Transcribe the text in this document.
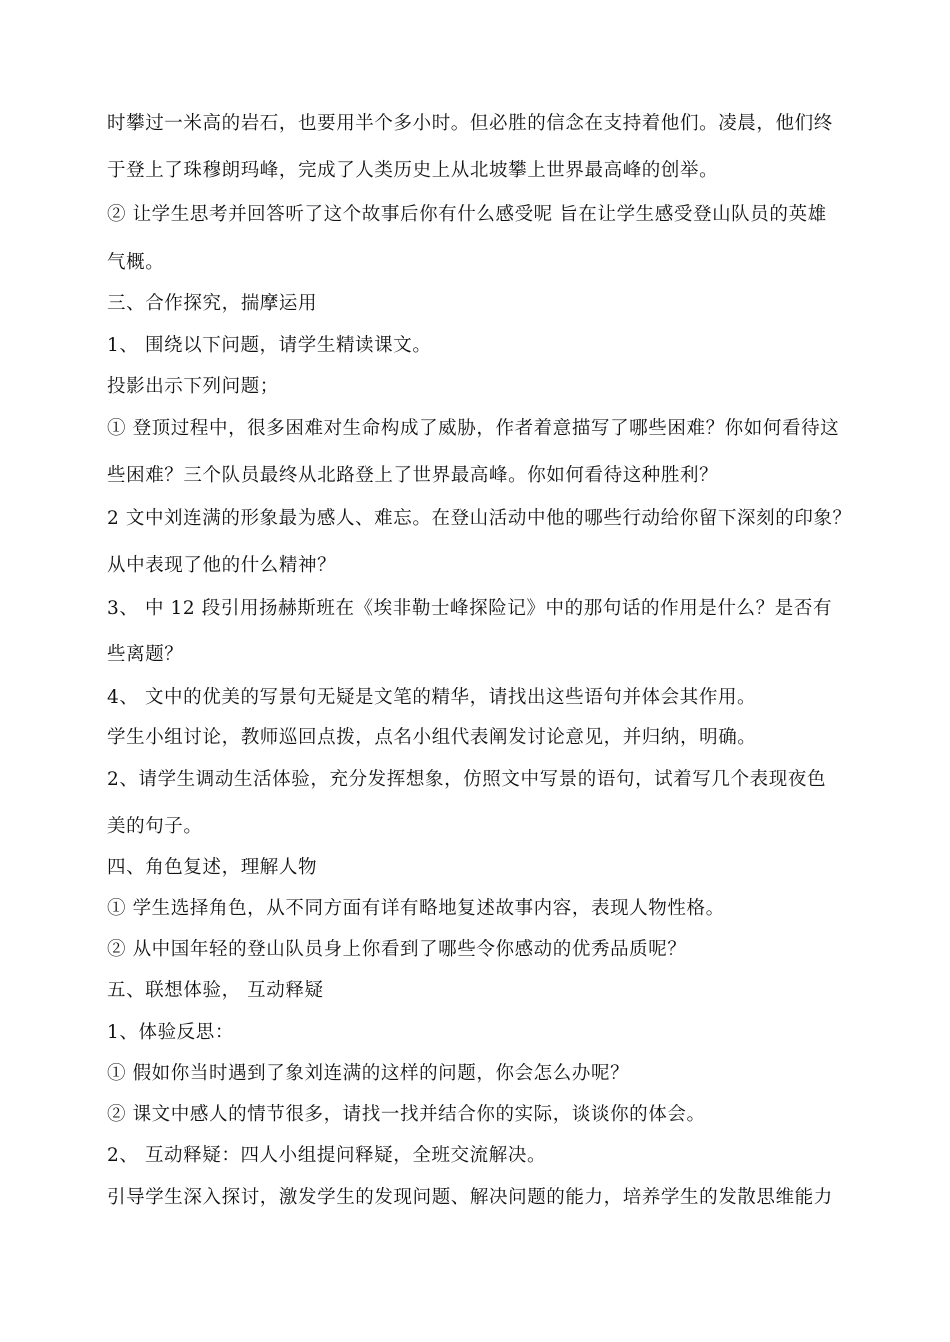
时攀过一米高的岩石，也要用半个多小时。但必胜的信念在支持着他们。凌晨，他们终
于登上了珠穆朗玛峰，完成了人类历史上从北坡攀上世界最高峰的创举。
② 让学生思考并回答听了这个故事后你有什么感受呢 旨在让学生感受登山队员的英雄
气概。
三、合作探究，揣摩运用
1、 围绕以下问题，请学生精读课文。
投影出示下列问题；
① 登顶过程中，很多困难对生命构成了威胁，作者着意描写了哪些困难？你如何看待这
些困难？三个队员最终从北路登上了世界最高峰。你如何看待这种胜利？
2 文中刘连满的形象最为感人、难忘。在登山活动中他的哪些行动给你留下深刻的印象？
从中表现了他的什么精神？
3、 中 12 段引用扬赫斯班在《埃非勒士峰探险记》中的那句话的作用是什么？是否有
些离题？
4、 文中的优美的写景句无疑是文笔的精华，请找出这些语句并体会其作用。
学生小组讨论，教师巡回点拨，点名小组代表阐发讨论意见，并归纳，明确。
2、请学生调动生活体验，充分发挥想象，仿照文中写景的语句，试着写几个表现夜色
美的句子。
四、角色复述，理解人物
① 学生选择角色，从不同方面有详有略地复述故事内容，表现人物性格。
② 从中国年轻的登山队员身上你看到了哪些令你感动的优秀品质呢？
五、联想体验， 互动释疑
1、体验反思：
① 假如你当时遇到了象刘连满的这样的问题，你会怎么办呢？
② 课文中感人的情节很多，请找一找并结合你的实际，谈谈你的体会。
2、 互动释疑：四人小组提问释疑，全班交流解决。
引导学生深入探讨，激发学生的发现问题、解决问题的能力，培养学生的发散思维能力
